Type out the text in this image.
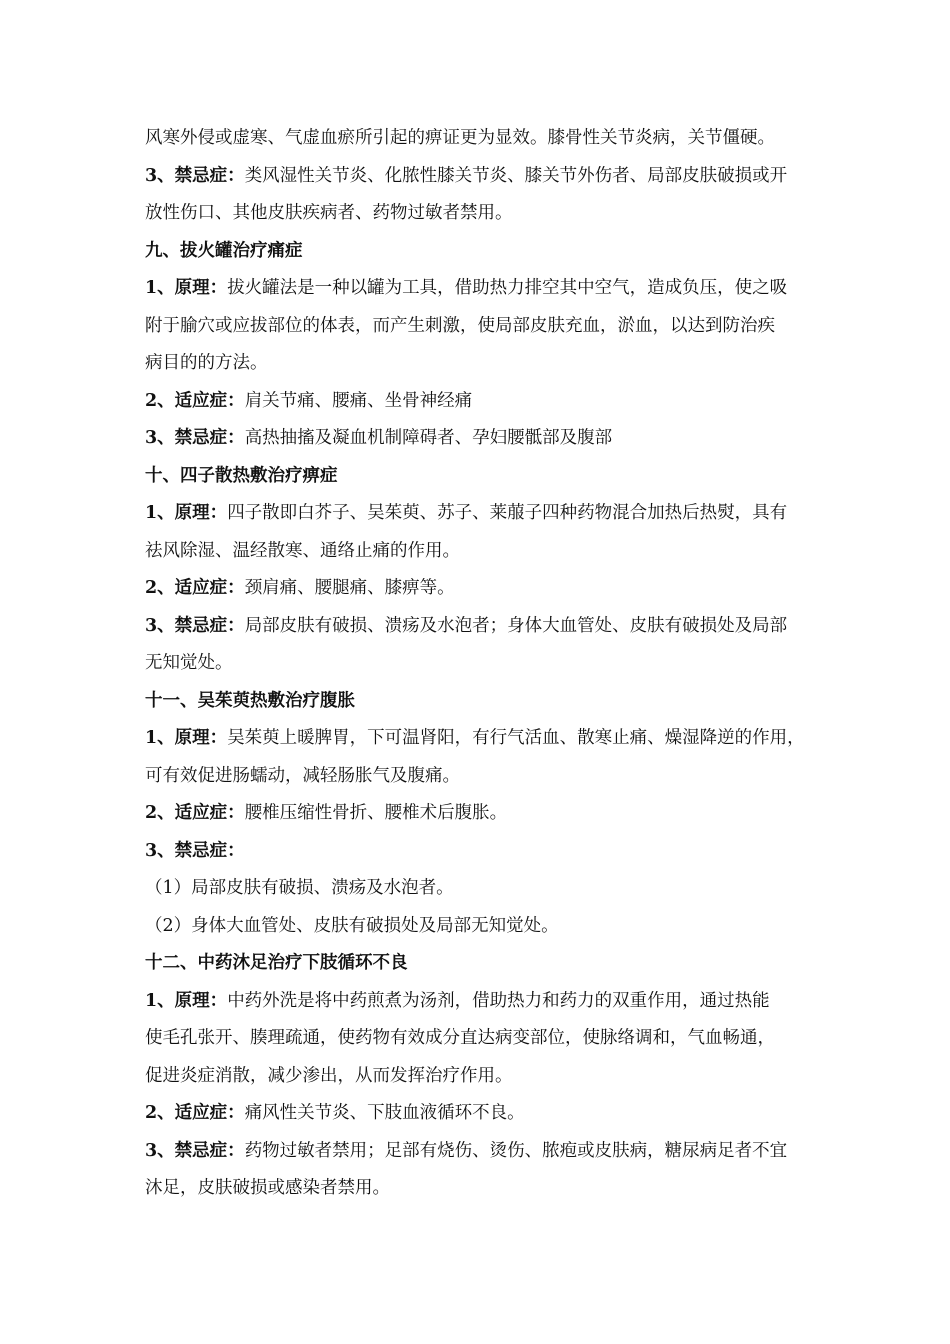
风寒外侵或虚寒、气虚血瘀所引起的痹证更为显效。膝骨性关节炎病，关节僵硬。
3、禁忌症：类风湿性关节炎、化脓性膝关节炎、膝关节外伤者、局部皮肤破损或开
放性伤口、其他皮肤疾病者、药物过敏者禁用。
九、拔火罐治疗痛症
1、原理：拔火罐法是一种以罐为工具，借助热力排空其中空气，造成负压，使之吸
附于腧穴或应拔部位的体表，而产生刺激，使局部皮肤充血，淤血，以达到防治疾
病目的的方法。
2、适应症：肩关节痛、腰痛、坐骨神经痛
3、禁忌症：高热抽搐及凝血机制障碍者、孕妇腰骶部及腹部
十、四子散热敷治疗痹症
1、原理：四子散即白芥子、吴茱萸、苏子、莱菔子四种药物混合加热后热熨，具有
祛风除湿、温经散寒、通络止痛的作用。
2、适应症：颈肩痛、腰腿痛、膝痹等。
3、禁忌症：局部皮肤有破损、溃疡及水泡者；身体大血管处、皮肤有破损处及局部
无知觉处。
十一、吴茱萸热敷治疗腹胀
1、原理：吴茱萸上暖脾胃，下可温肾阳，有行气活血、散寒止痛、燥湿降逆的作用，
可有效促进肠蠕动，减轻肠胀气及腹痛。
2、适应症：腰椎压缩性骨折、腰椎术后腹胀。
3、禁忌症：
（1）局部皮肤有破损、溃疡及水泡者。
（2）身体大血管处、皮肤有破损处及局部无知觉处。
十二、中药沐足治疗下肢循环不良
1、原理：中药外洗是将中药煎煮为汤剂，借助热力和药力的双重作用，通过热能
使毛孔张开、腠理疏通，使药物有效成分直达病变部位，使脉络调和，气血畅通，
促进炎症消散，减少渗出，从而发挥治疗作用。
2、适应症：痛风性关节炎、下肢血液循环不良。
3、禁忌症：药物过敏者禁用；足部有烧伤、烫伤、脓疱或皮肤病，糖尿病足者不宜
沐足，皮肤破损或感染者禁用。
